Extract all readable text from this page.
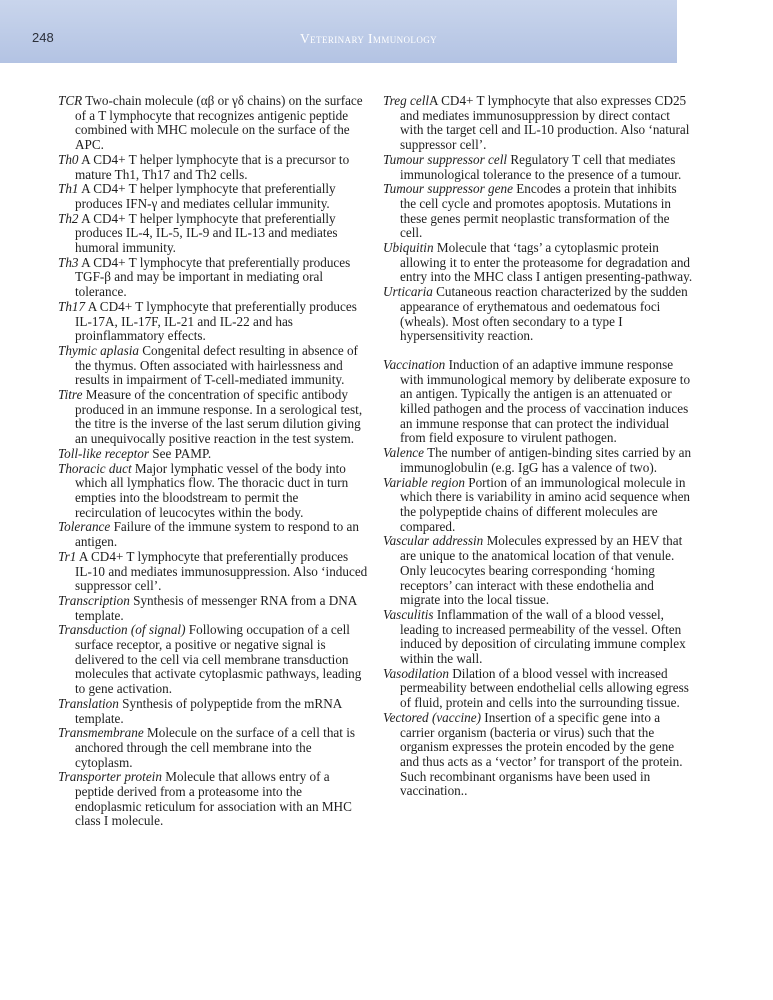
248	Veterinary Immunology

TCR Two-chain molecule (αβ or γδ chains) on the surface of a T lymphocyte that recognizes antigenic peptide combined with MHC molecule on the surface of the APC.

Th0 A CD4+ T helper lymphocyte that is a precursor to mature Th1, Th17 and Th2 cells.

Th1 A CD4+ T helper lymphocyte that preferentially produces IFN-γ and mediates cellular immunity.

Th2 A CD4+ T helper lymphocyte that preferentially produces IL-4, IL-5, IL-9 and IL-13 and mediates humoral immunity.

Th3 A CD4+ T lymphocyte that preferentially produces TGF-β and may be important in mediating oral tolerance.

Th17 A CD4+ T lymphocyte that preferentially produces IL-17A, IL-17F, IL-21 and IL-22 and has proinflammatory effects.

Thymic aplasia Congenital defect resulting in absence of the thymus. Often associated with hairlessness and results in impairment of T-cell-mediated immunity.

Titre Measure of the concentration of specific antibody produced in an immune response. In a serological test, the titre is the inverse of the last serum dilution giving an unequivocally positive reaction in the test system.

Toll-like receptor See PAMP.

Thoracic duct Major lymphatic vessel of the body into which all lymphatics flow. The thoracic duct in turn empties into the bloodstream to permit the recirculation of leucocytes within the body.

Tolerance Failure of the immune system to respond to an antigen.

Tr1 A CD4+ T lymphocyte that preferentially produces IL-10 and mediates immunosuppression. Also ‘induced suppressor cell’.

Transcription Synthesis of messenger RNA from a DNA template.

Transduction (of signal) Following occupation of a cell surface receptor, a positive or negative signal is delivered to the cell via cell membrane transduction molecules that activate cytoplasmic pathways, leading to gene activation.

Translation Synthesis of polypeptide from the mRNA template.

Transmembrane Molecule on the surface of a cell that is anchored through the cell membrane into the cytoplasm.

Transporter protein Molecule that allows entry of a peptide derived from a proteasome into the endoplasmic reticulum for association with an MHC class I molecule.

Treg cellA CD4+ T lymphocyte that also expresses CD25 and mediates immunosuppression by direct contact with the target cell and IL-10 production. Also ‘natural suppressor cell’.

Tumour suppressor cell Regulatory T cell that mediates immunological tolerance to the presence of a tumour.

Tumour suppressor gene Encodes a protein that inhibits the cell cycle and promotes apoptosis. Mutations in these genes permit neoplastic transformation of the cell.

Ubiquitin Molecule that ‘tags’ a cytoplasmic protein allowing it to enter the proteasome for degradation and entry into the MHC class I antigen presenting-pathway.

Urticaria Cutaneous reaction characterized by the sudden appearance of erythematous and oedematous foci (wheals). Most often secondary to a type I hypersensitivity reaction.

Vaccination Induction of an adaptive immune response with immunological memory by deliberate exposure to an antigen. Typically the antigen is an attenuated or killed pathogen and the process of vaccination induces an immune response that can protect the individual from field exposure to virulent pathogen.

Valence The number of antigen-binding sites carried by an immunoglobulin (e.g. IgG has a valence of two).

Variable region Portion of an immunological molecule in which there is variability in amino acid sequence when the polypeptide chains of different molecules are compared.

Vascular addressin Molecules expressed by an HEV that are unique to the anatomical location of that venule. Only leucocytes bearing corresponding ‘homing receptors’ can interact with these endothelia and migrate into the local tissue.

Vasculitis Inflammation of the wall of a blood vessel, leading to increased permeability of the vessel. Often induced by deposition of circulating immune complex within the wall.

Vasodilation Dilation of a blood vessel with increased permeability between endothelial cells allowing egress of fluid, protein and cells into the surrounding tissue.

Vectored (vaccine) Insertion of a specific gene into a carrier organism (bacteria or virus) such that the organism expresses the protein encoded by the gene and thus acts as a ‘vector’ for transport of the protein. Such recombinant organisms have been used in vaccination..
